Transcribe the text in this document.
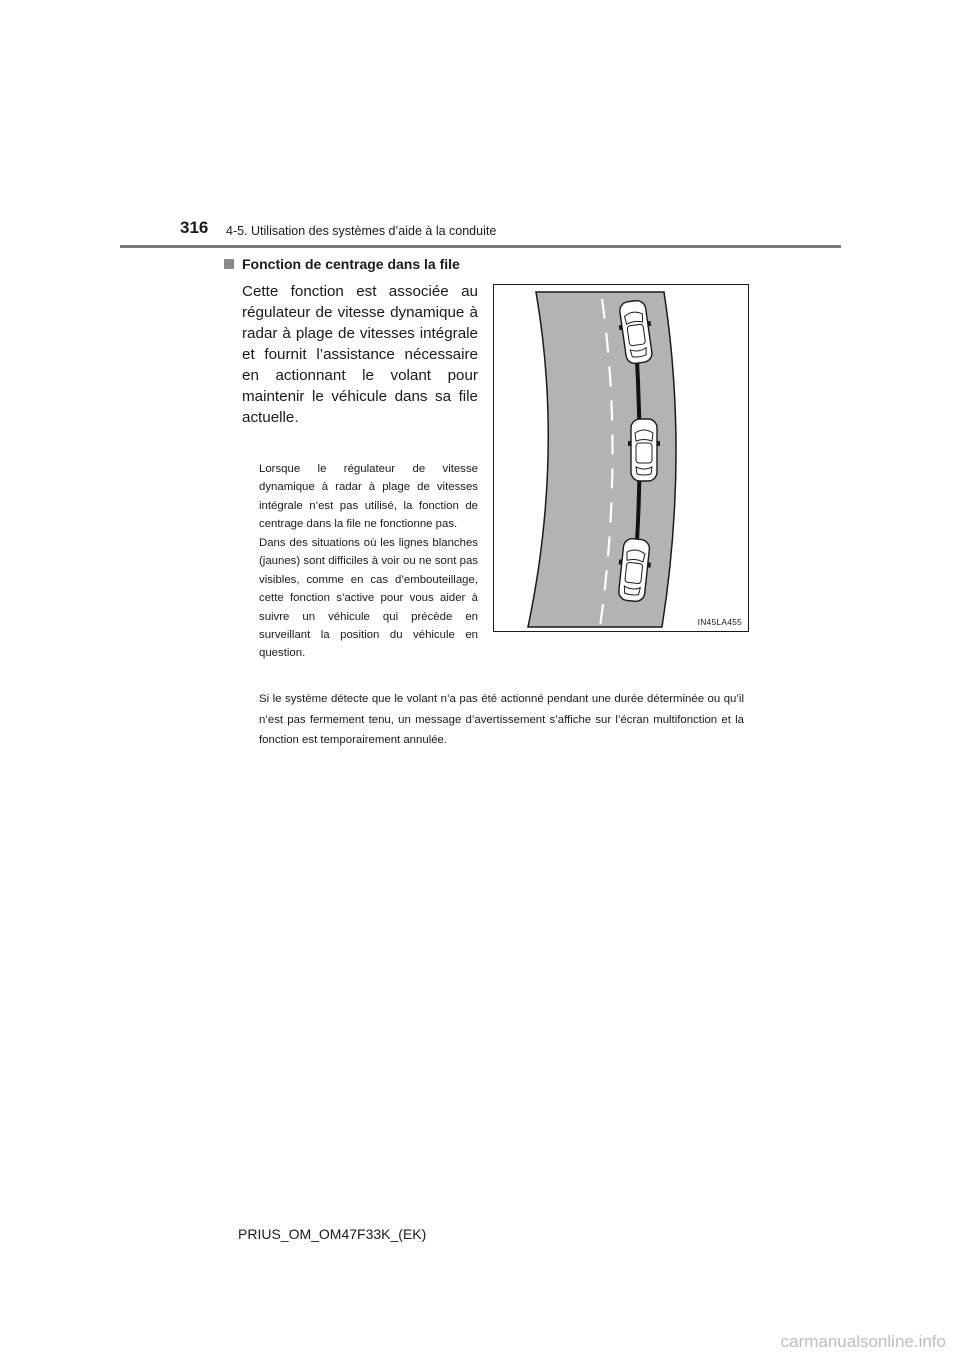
316 4-5. Utilisation des systèmes d’aide à la conduite
Fonction de centrage dans la file

Cette fonction est associée au régulateur de vitesse dynamique à radar à plage de vitesses intégrale et fournit l’assistance nécessaire en actionnant le volant pour maintenir le véhicule dans sa file actuelle.

Lorsque le régulateur de vitesse dynamique à radar à plage de vitesses intégrale n’est pas utilisé, la fonction de centrage dans la file ne fonctionne pas.

Dans des situations où les lignes blanches (jaunes) sont difficiles à voir ou ne sont pas visibles, comme en cas d’embouteillage, cette fonction s’active pour vous aider à suivre un véhicule qui précède en surveillant la position du véhicule en question.

Si le système détecte que le volant n’a pas été actionné pendant une durée déterminée ou qu’il n’est pas fermement tenu, un message d’avertissement s’affiche sur l’écran multifonction et la fonction est temporairement annulée.

IN45LA455
PRIUS_OM_OM47F33K_(EK)
carmanualsonline.info
